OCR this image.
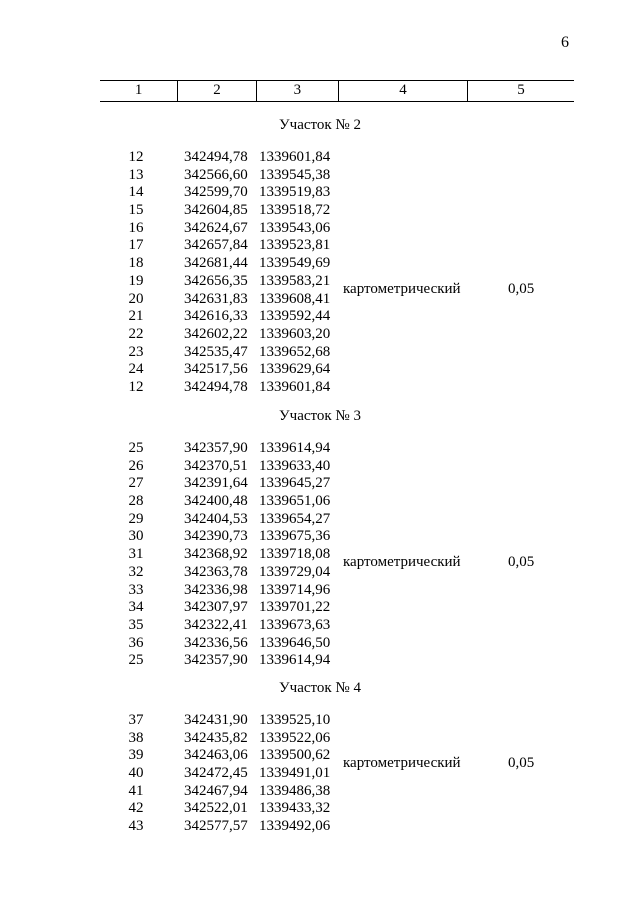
6
1	2	3	4	5
Участок № 2
12	342494,78 1339601,84
13	342566,60 1339545,38
14	342599,70 1339519,83
15	342604,85 1339518,72
16	342624,67 1339543,06
17	342657,84 1339523,81
18	342681,44 1339549,69
19	342656,35 1339583,21 картометрический	0,05
20	342631,83 1339608,41
21	342616,33 1339592,44
22	342602,22 1339603,20
23	342535,47 1339652,68
24	342517,56 1339629,64
12	342494,78 1339601,84
Участок № 3
25	342357,90 1339614,94
26	342370,51 1339633,40
27	342391,64 1339645,27
28	342400,48 1339651,06
29	342404,53 1339654,27
30	342390,73 1339675,36
31	342368,92 1339718,08 картометрический	0,05
32	342363,78 1339729,04
33	342336,98 1339714,96
34	342307,97 1339701,22
35	342322,41 1339673,63
36	342336,56 1339646,50
25	342357,90 1339614,94
Участок № 4
37	342431,90 1339525,10
38	342435,82 1339522,06
39	342463,06 1339500,62 картометрический	0,05
40	342472,45 1339491,01
41	342467,94 1339486,38
42	342522,01 1339433,32
43	342577,57 1339492,06
